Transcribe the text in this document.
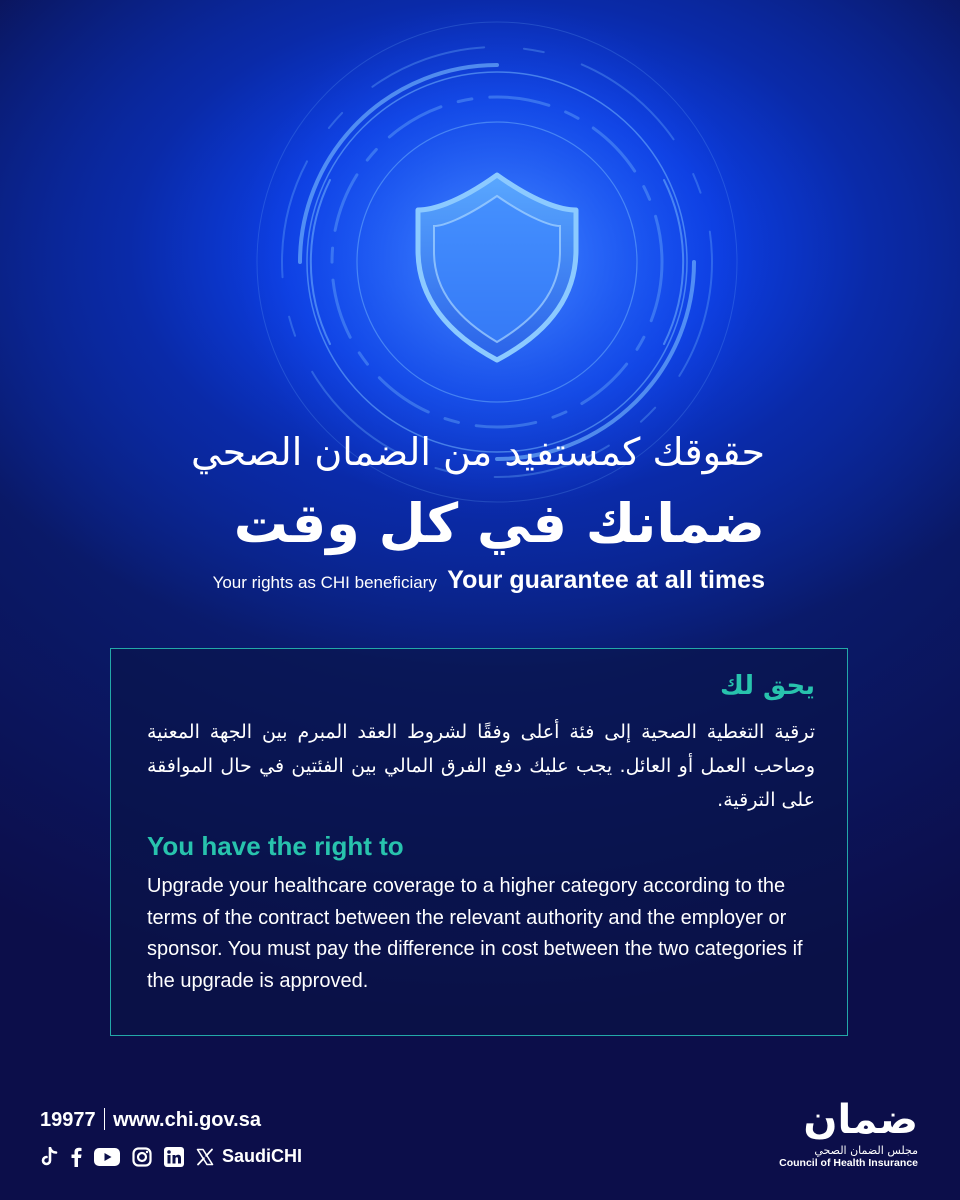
حقوقك كمستفيد من الضمان الصحي
ضمانك في كل وقت
Your rights as CHI beneficiary Your guarantee at all times
يحق لك
ترقية التغطية الصحية إلى فئة أعلى وفقًا لشروط العقد المبرم بين الجهة المعنية وصاحب العمل أو العائل. يجب عليك دفع الفرق المالي بين الفئتين في حال الموافقة على الترقية.
You have the right to
Upgrade your healthcare coverage to a higher category according to the terms of the contract between the relevant authority and the employer or sponsor. You must pay the difference in cost between the two categories if the upgrade is approved.
19977 www.chi.gov.sa
SaudiCHI
ضمان
مجلس الضمان الصحي
Council of Health Insurance
